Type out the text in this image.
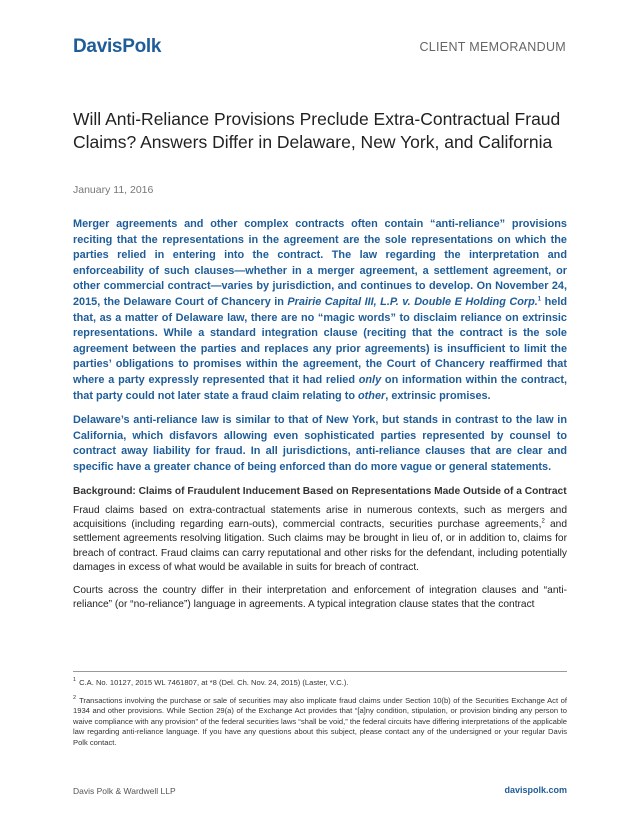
DavisPolk	CLIENT MEMORANDUM
Will Anti-Reliance Provisions Preclude Extra-Contractual Fraud Claims? Answers Differ in Delaware, New York, and California
January 11, 2016

Merger agreements and other complex contracts often contain “anti-reliance” provisions reciting that the representations in the agreement are the sole representations on which the parties relied in entering into the contract. The law regarding the interpretation and enforceability of such clauses—whether in a merger agreement, a settlement agreement, or other commercial contract—varies by jurisdiction, and continues to develop. On November 24, 2015, the Delaware Court of Chancery in Prairie Capital III, L.P. v. Double E Holding Corp.$^1$ held that, as a matter of Delaware law, there are no “magic words” to disclaim reliance on extrinsic representations. While a standard integration clause (reciting that the contract is the sole agreement between the parties and replaces any prior agreements) is insufficient to limit the parties’ obligations to promises within the agreement, the Court of Chancery reaffirmed that where a party expressly represented that it had relied only on information within the contract, that party could not later state a fraud claim relating to other, extrinsic promises.

Delaware’s anti-reliance law is similar to that of New York, but stands in contrast to the law in California, which disfavors allowing even sophisticated parties represented by counsel to contract away liability for fraud. In all jurisdictions, anti-reliance clauses that are clear and specific have a greater chance of being enforced than do more vague or general statements.

Background: Claims of Fraudulent Inducement Based on Representations Made Outside of a Contract

Fraud claims based on extra-contractual statements arise in numerous contexts, such as mergers and acquisitions (including regarding earn-outs), commercial contracts, securities purchase agreements,$^2$ and settlement agreements resolving litigation. Such claims may be brought in lieu of, or in addition to, claims for breach of contract. Fraud claims can carry reputational and other risks for the defendant, including potentially damages in excess of what would be available in suits for breach of contract.

Courts across the country differ in their interpretation and enforcement of integration clauses and “anti-reliance” (or “no-reliance”) language in agreements. A typical integration clause states that the contract

$^1$ C.A. No. 10127, 2015 WL 7461807, at *8 (Del. Ch. Nov. 24, 2015) (Laster, V.C.).

$^2$ Transactions involving the purchase or sale of securities may also implicate fraud claims under Section 10(b) of the Securities Exchange Act of 1934 and other provisions. While Section 29(a) of the Exchange Act provides that “[a]ny condition, stipulation, or provision binding any person to waive compliance with any provision” of the federal securities laws “shall be void,” the federal circuits have differing interpretations of the applicable law regarding anti-reliance language. If you have any questions about this subject, please contact any of the undersigned or your regular Davis Polk contact.

Davis Polk & Wardwell LLP	davispolk.com
